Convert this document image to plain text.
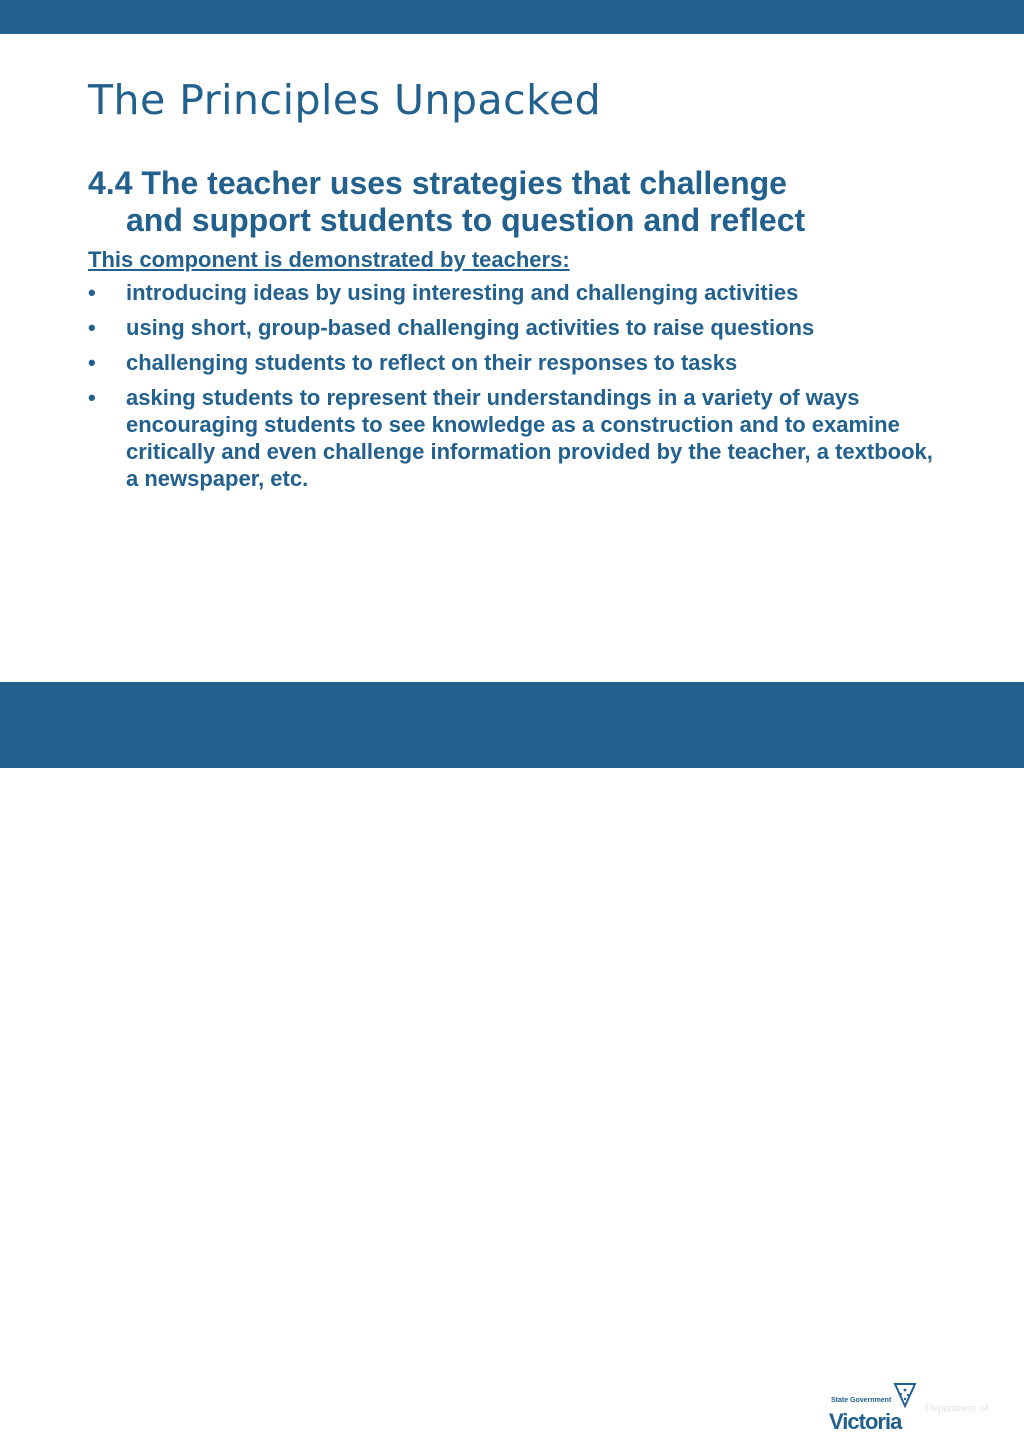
The Principles Unpacked

4.4 The teacher uses strategies that challenge and support students to question and reflect

This component is demonstrated by teachers:

• introducing ideas by using interesting and challenging activities
• using short, group-based challenging activities to raise questions
• challenging students to reflect on their responses to tasks
• asking students to represent their understandings in a variety of ways encouraging students to see knowledge as a construction and to examine critically and even challenge information provided by the teacher, a textbook, a newspaper, etc.
State Government
Victoria
Department of
Education
